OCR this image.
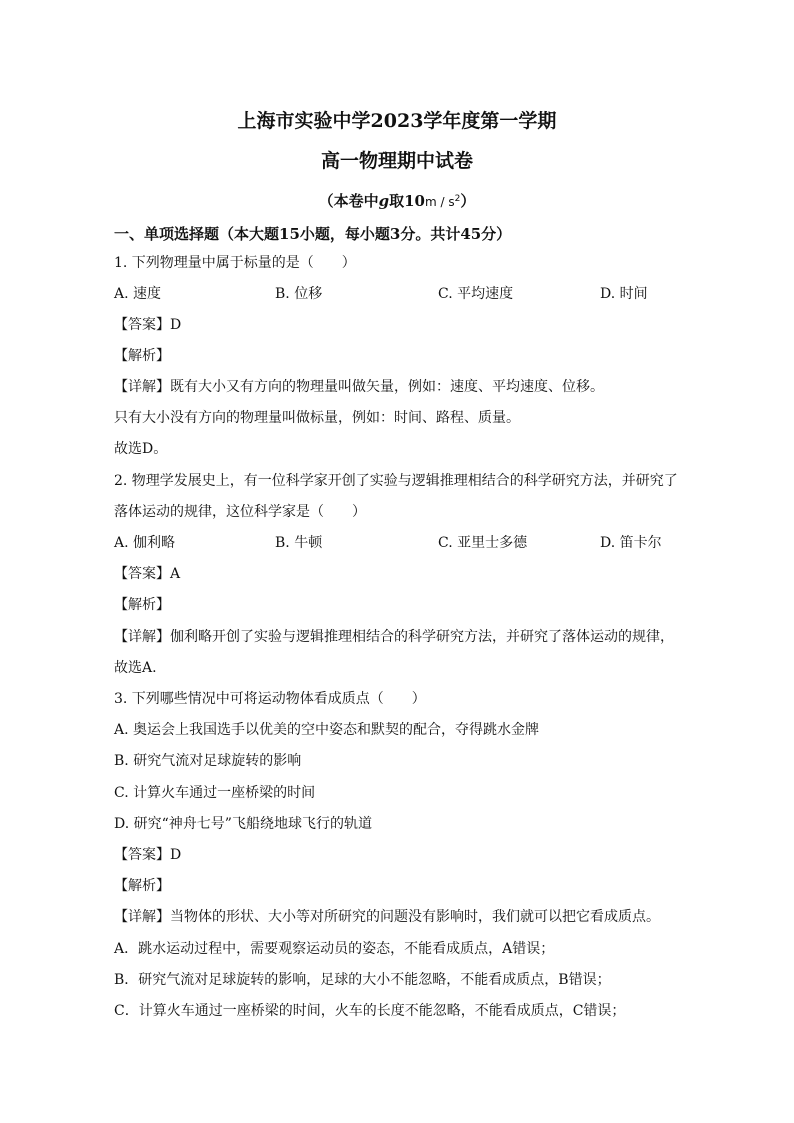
上海市实验中学2023学年度第一学期
高一物理期中试卷
（本卷中g取$10m / s^2$）
一、单项选择题（本大题15小题，每小题3分。共计45分）
1. 下列物理量中属于标量的是（　　）
A. 速度	B. 位移	C. 平均速度	D. 时间
【答案】D
【解析】
【详解】既有大小又有方向的物理量叫做矢量，例如：速度、平均速度、位移。
只有大小没有方向的物理量叫做标量，例如：时间、路程、质量。
故选D。
2. 物理学发展史上，有一位科学家开创了实验与逻辑推理相结合的科学研究方法，并研究了
落体运动的规律，这位科学家是（　　）
A. 伽利略	B. 牛顿	C. 亚里士多德	D. 笛卡尔
【答案】A
【解析】
【详解】伽利略开创了实验与逻辑推理相结合的科学研究方法，并研究了落体运动的规律，
故选A.
3. 下列哪些情况中可将运动物体看成质点（　　）
A. 奥运会上我国选手以优美的空中姿态和默契的配合，夺得跳水金牌
B. 研究气流对足球旋转的影响
C. 计算火车通过一座桥梁的时间
D. 研究“神舟七号”飞船绕地球飞行的轨道
【答案】D
【解析】
【详解】当物体的形状、大小等对所研究的问题没有影响时，我们就可以把它看成质点。
A．跳水运动过程中，需要观察运动员的姿态，不能看成质点，A错误；
B．研究气流对足球旋转的影响，足球的大小不能忽略，不能看成质点，B错误；
C．计算火车通过一座桥梁的时间，火车的长度不能忽略，不能看成质点，C错误；
